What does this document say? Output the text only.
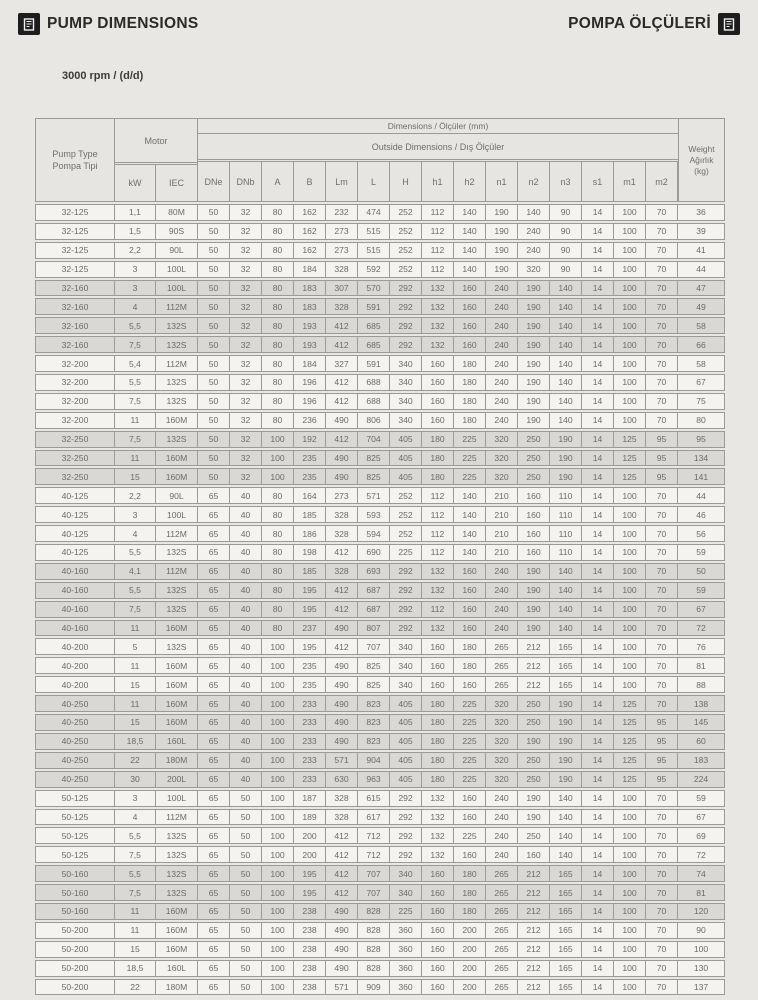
PUMP DIMENSIONS	POMPA ÖLÇÜLERİ
3000 rpm / (d/d)
Pump Type
Pompa Tipi
Motor
kW	IEC
Dimensions / Ölçüler (mm)
Outside Dimensions / Dış Ölçüler
DNe	DNb	A	B	Lm	L	H	h1	h2	n1	n2	n3	s1	m1	m2
Weight
Ağırlık
(kg)
32-125	1,1	80M	50	32	80	162	232	474	252	112	140	190	140	90	14	100	70	36
32-125	1,5	90S	50	32	80	162	273	515	252	112	140	190	240	90	14	100	70	39
32-125	2,2	90L	50	32	80	162	273	515	252	112	140	190	240	90	14	100	70	41
32-125	3	100L	50	32	80	184	328	592	252	112	140	190	320	90	14	100	70	44
32-160	3	100L	50	32	80	183	307	570	292	132	160	240	190	140	14	100	70	47
32-160	4	112M	50	32	80	183	328	591	292	132	160	240	190	140	14	100	70	49
32-160	5,5	132S	50	32	80	193	412	685	292	132	160	240	190	140	14	100	70	58
32-160	7,5	132S	50	32	80	193	412	685	292	132	160	240	190	140	14	100	70	66
32-200	5,4	112M	50	32	80	184	327	591	340	160	180	240	190	140	14	100	70	58
32-200	5,5	132S	50	32	80	196	412	688	340	160	180	240	190	140	14	100	70	67
32-200	7,5	132S	50	32	80	196	412	688	340	160	180	240	190	140	14	100	70	75
32-200	11	160M	50	32	80	236	490	806	340	160	180	240	190	140	14	100	70	80
32-250	7,5	132S	50	32	100	192	412	704	405	180	225	320	250	190	14	125	95	95
32-250	11	160M	50	32	100	235	490	825	405	180	225	320	250	190	14	125	95	134
32-250	15	160M	50	32	100	235	490	825	405	180	225	320	250	190	14	125	95	141
40-125	2,2	90L	65	40	80	164	273	571	252	112	140	210	160	110	14	100	70	44
40-125	3	100L	65	40	80	185	328	593	252	112	140	210	160	110	14	100	70	46
40-125	4	112M	65	40	80	186	328	594	252	112	140	210	160	110	14	100	70	56
40-125	5,5	132S	65	40	80	198	412	690	225	112	140	210	160	110	14	100	70	59
40-160	4,1	112M	65	40	80	185	328	693	292	132	160	240	190	140	14	100	70	50
40-160	5,5	132S	65	40	80	195	412	687	292	132	160	240	190	140	14	100	70	59
40-160	7,5	132S	65	40	80	195	412	687	292	112	160	240	190	140	14	100	70	67
40-160	11	160M	65	40	80	237	490	807	292	132	160	240	190	140	14	100	70	72
40-200	5	132S	65	40	100	195	412	707	340	160	180	265	212	165	14	100	70	76
40-200	11	160M	65	40	100	235	490	825	340	160	180	265	212	165	14	100	70	81
40-200	15	160M	65	40	100	235	490	825	340	160	160	265	212	165	14	100	70	88
40-250	11	160M	65	40	100	233	490	823	405	180	225	320	250	190	14	125	70	138
40-250	15	160M	65	40	100	233	490	823	405	180	225	320	250	190	14	125	95	145
40-250	18,5	160L	65	40	100	233	490	823	405	180	225	320	190	190	14	125	95	60
40-250	22	180M	65	40	100	233	571	904	405	180	225	320	250	190	14	125	95	183
40-250	30	200L	65	40	100	233	630	963	405	180	225	320	250	190	14	125	95	224
50-125	3	100L	65	50	100	187	328	615	292	132	160	240	190	140	14	100	70	59
50-125	4	112M	65	50	100	189	328	617	292	132	160	240	190	140	14	100	70	67
50-125	5,5	132S	65	50	100	200	412	712	292	132	225	240	250	140	14	100	70	69
50-125	7,5	132S	65	50	100	200	412	712	292	132	160	240	160	140	14	100	70	72
50-160	5,5	132S	65	50	100	195	412	707	340	160	180	265	212	165	14	100	70	74
50-160	7,5	132S	65	50	100	195	412	707	340	160	180	265	212	165	14	100	70	81
50-160	11	160M	65	50	100	238	490	828	225	160	180	265	212	165	14	100	70	120
50-200	11	160M	65	50	100	238	490	828	360	160	200	265	212	165	14	100	70	90
50-200	15	160M	65	50	100	238	490	828	360	160	200	265	212	165	14	100	70	100
50-200	18,5	160L	65	50	100	238	490	828	360	160	200	265	212	165	14	100	70	130
50-200	22	180M	65	50	100	238	571	909	360	160	200	265	212	165	14	100	70	137
